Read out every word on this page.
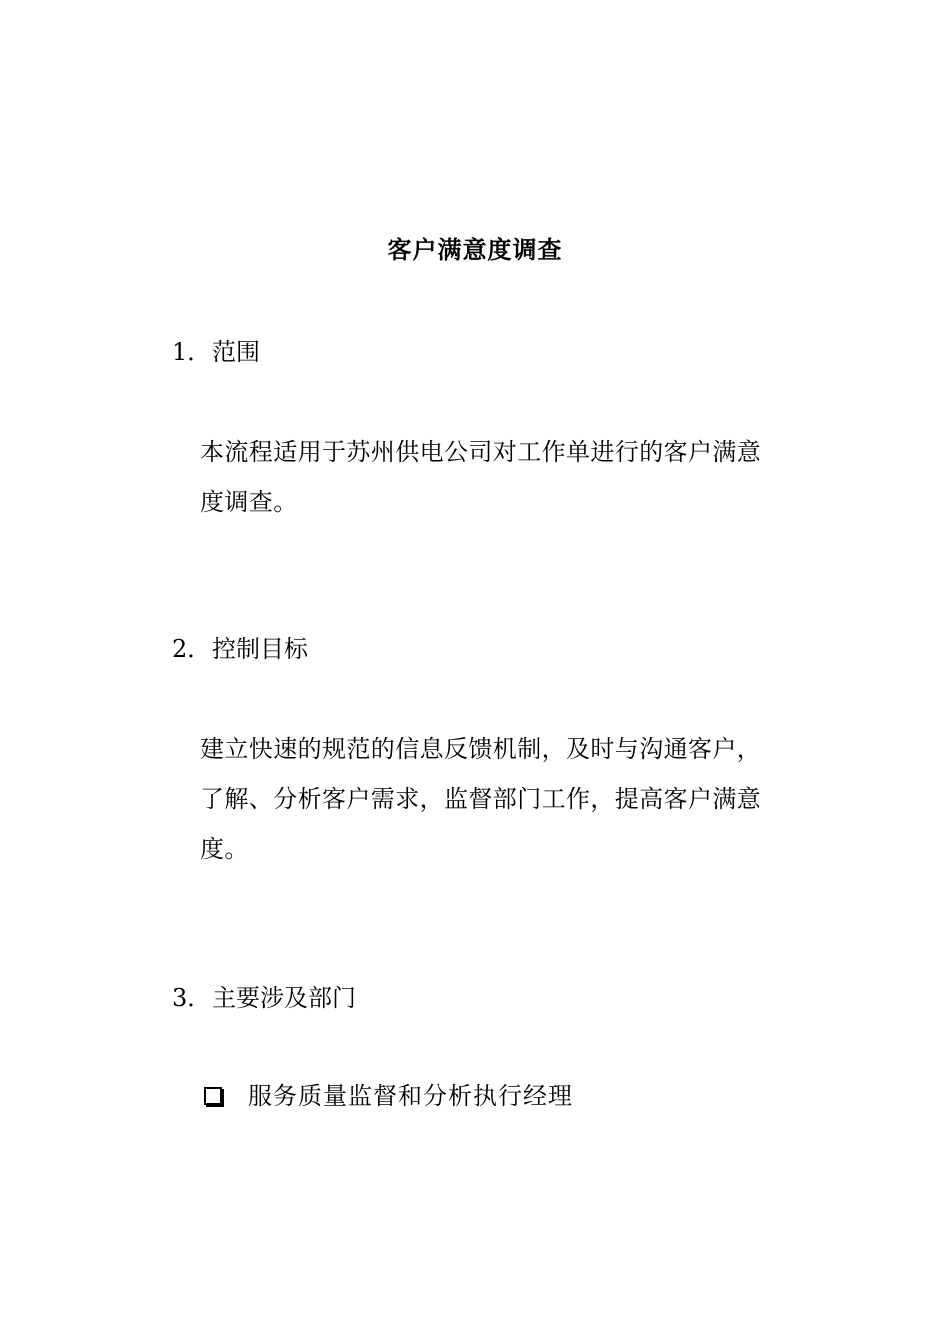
客户满意度调查
1．范围
本流程适用于苏州供电公司对工作单进行的客户满意
度调查。
2．控制目标
建立快速的规范的信息反馈机制，及时与沟通客户，
了解、分析客户需求，监督部门工作，提高客户满意
度。
3．主要涉及部门
服务质量监督和分析执行经理
